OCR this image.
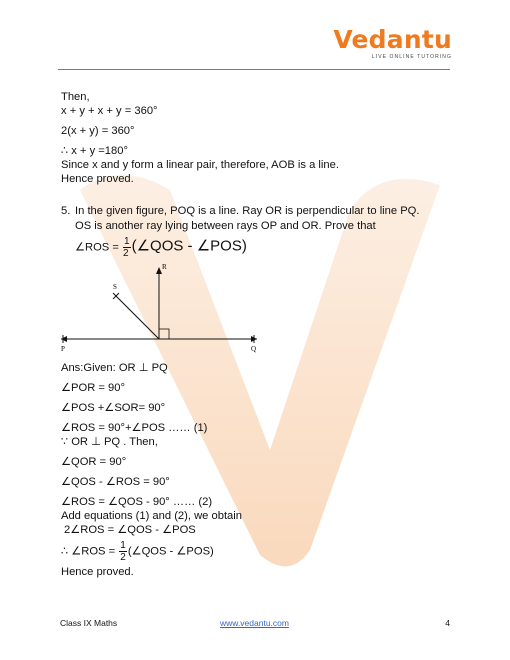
Vedantu
LIVE ONLINE TUTORING
Then,
x + y + x + y = 360°
2(x + y) = 360°
∴ x + y =180°
Since x and y form a linear pair, therefore, AOB is a line.
Hence proved.
5. In the given figure, POQ is a line. Ray OR is perpendicular to line PQ.
OS is another ray lying between rays OP and OR. Prove that
∠ROS = $\frac{1}{2}$ (∠QOS - ∠POS)
R
S
P	Q
Ans:Given: OR ⊥ PQ
∠POR = 90°
∠POS +∠SOR= 90°
∠ROS = 90°+∠POS …… (1)
∵ OR ⊥ PQ . Then,
∠QOR = 90°
∠QOS - ∠ROS = 90°
∠ROS = ∠QOS - 90° …… (2)
Add equations (1) and (2), we obtain
2∠ROS = ∠QOS - ∠POS
∴ ∠ROS = $\frac{1}{2}$ (∠QOS - ∠POS)
Hence proved.
Class IX Maths	www.vedantu.com	4
